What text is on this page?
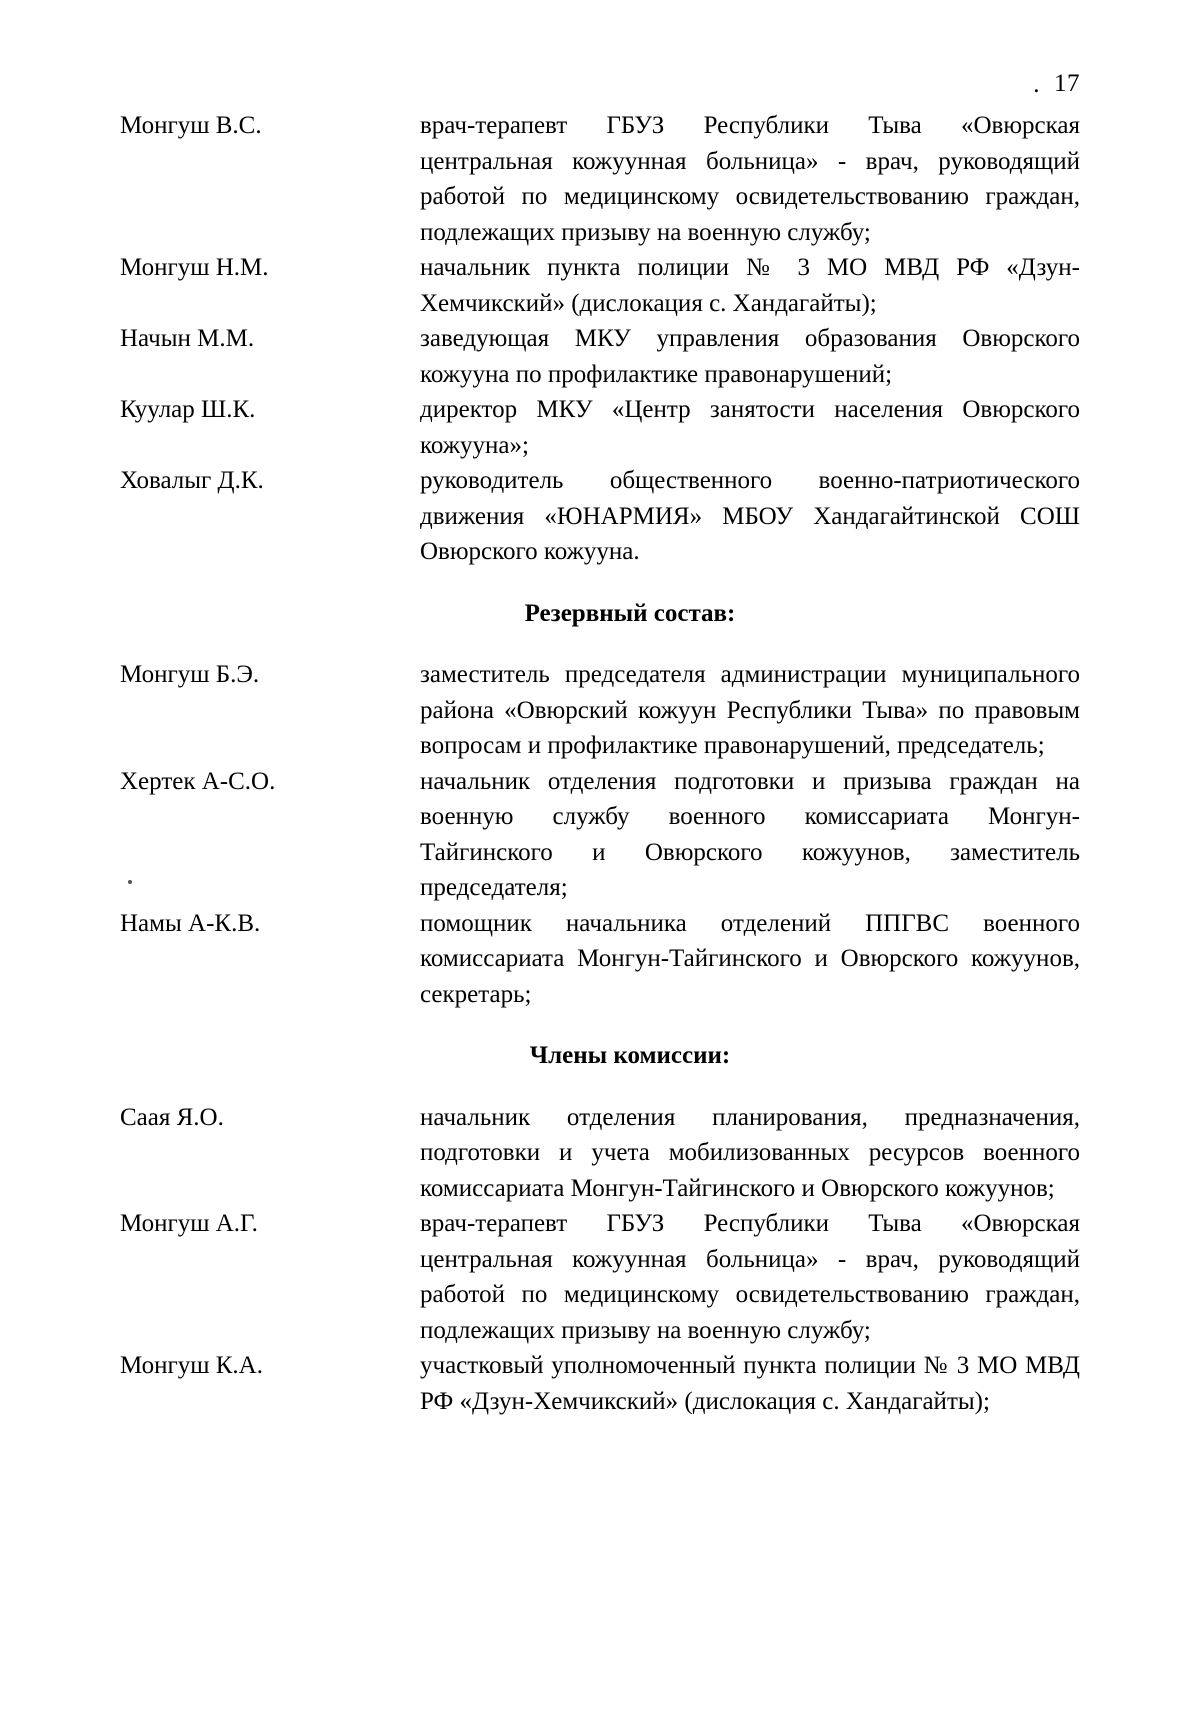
. 17
Монгуш В.С.	врач-терапевт ГБУЗ Республики Тыва «Овюрская центральная кожуунная больница» - врач, руководящий работой по медицинскому освидетельствованию граждан, подлежащих призыву на военную службу;
Монгуш Н.М.	начальник пункта полиции № 3 МО МВД РФ «Дзун-Хемчикский» (дислокация с. Хандагайты);
Начын М.М.	заведующая МКУ управления образования Овюрского кожууна по профилактике правонарушений;
Куулар Ш.К.	директор МКУ «Центр занятости населения Овюрского кожууна»;
Ховалыг Д.К.	руководитель общественного военно-патриотического движения «ЮНАРМИЯ» МБОУ Хандагайтинской СОШ Овюрского кожууна.
Резервный состав:
Монгуш Б.Э.	заместитель председателя администрации муниципального района «Овюрский кожуун Республики Тыва» по правовым вопросам и профилактике правонарушений, председатель;
Хертек А-С.О.	начальник отделения подготовки и призыва граждан на военную службу военного комиссариата Монгун-Тайгинского и Овюрского кожуунов, заместитель председателя;
Намы А-К.В.	помощник начальника отделений ППГВС военного комиссариата Монгун-Тайгинского и Овюрского кожуунов, секретарь;
Члены комиссии:
Саая Я.О.	начальник отделения планирования, предназначения, подготовки и учета мобилизованных ресурсов военного комиссариата Монгун-Тайгинского и Овюрского кожуунов;
Монгуш А.Г.	врач-терапевт ГБУЗ Республики Тыва «Овюрская центральная кожуунная больница» - врач, руководящий работой по медицинскому освидетельствованию граждан, подлежащих призыву на военную службу;
Монгуш К.А.	участковый уполномоченный пункта полиции № 3 МО МВД РФ «Дзун-Хемчикский» (дислокация с. Хандагайты);
